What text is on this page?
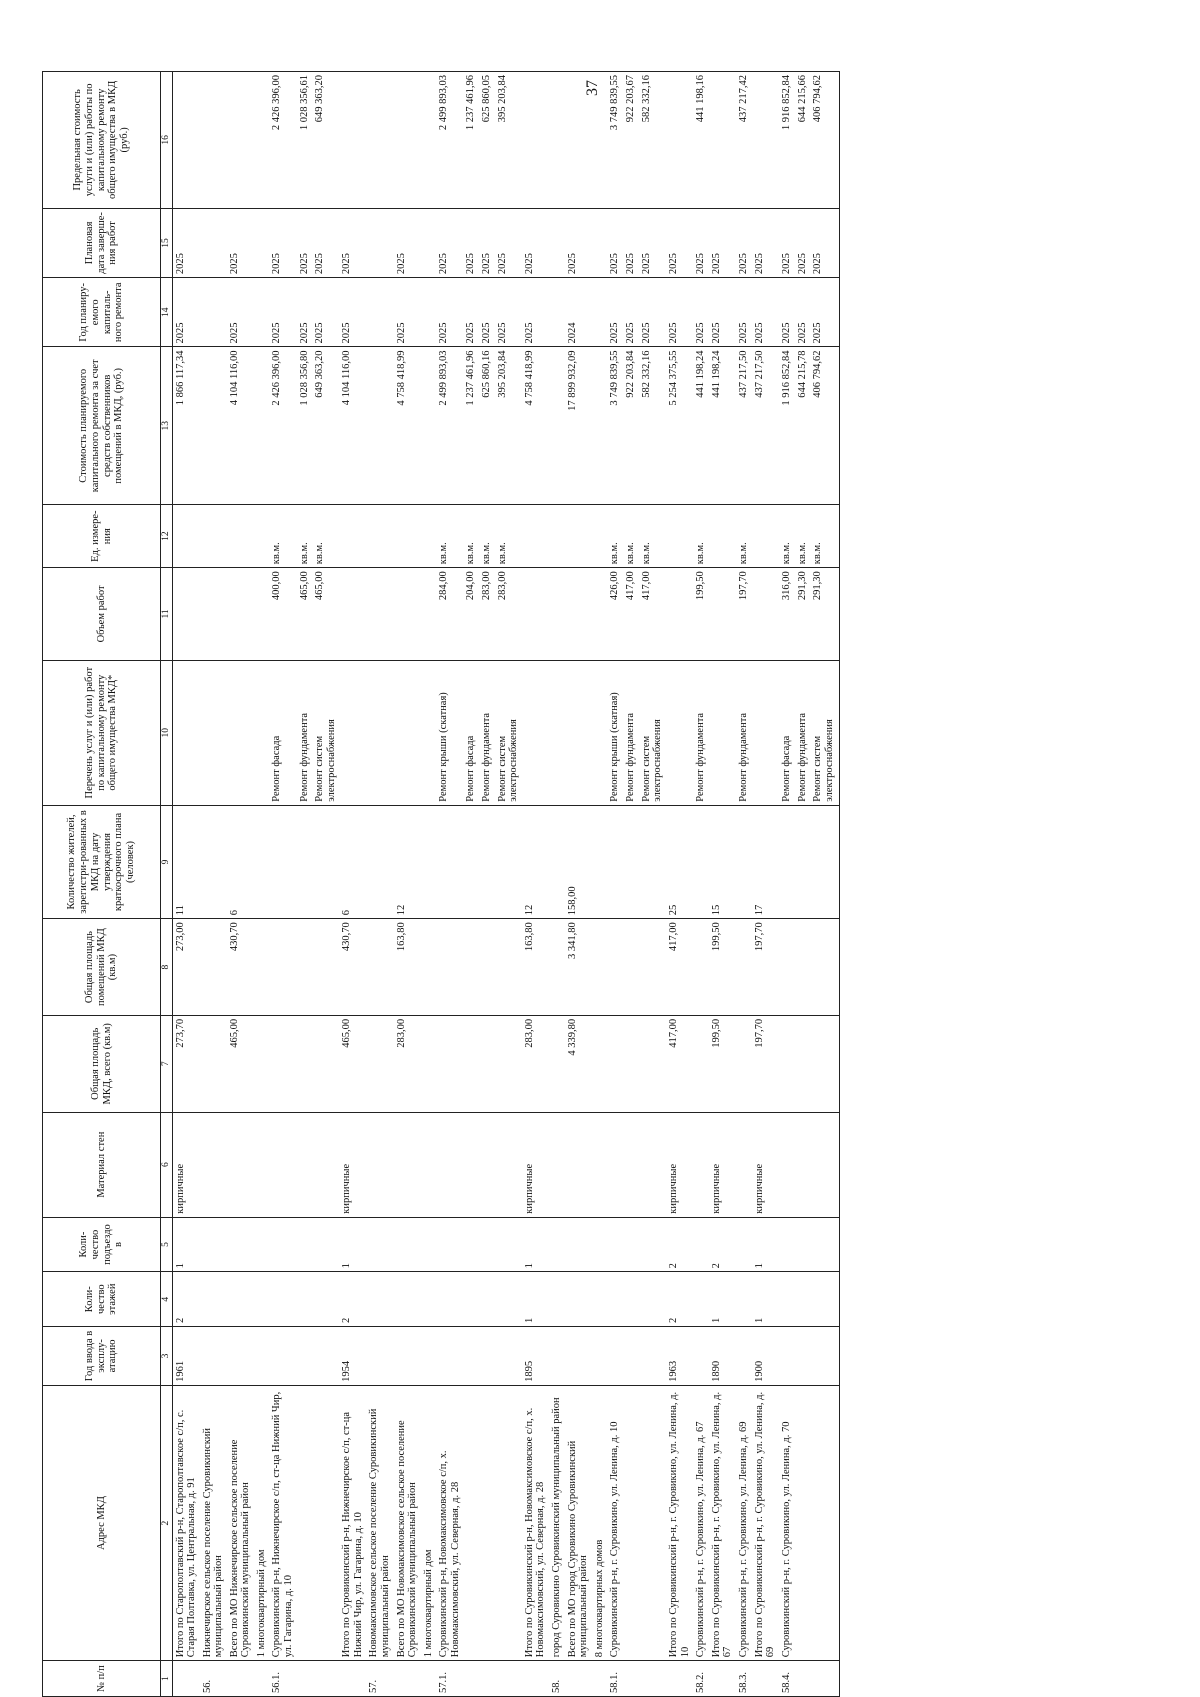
37
№ п/п	Адрес МКД	Год ввода в эксплу-атацию	Коли-чество этажей	Коли-чество подъездо в	Материал стен	Общая площадь МКД, всего (кв.м)	Общая площадь помещений МКД (кв.м)	Количество жителей, зарегистри-рованных в МКД на дату утверждения краткосрочного плана (человек)	Перечень услуг и (или) работ по капитальному ремонту общего имущества МКД*	Объем работ	Ед. измере-ния	Стоимость планируемого капитального ремонта за счет средств собственников помещений в МКД, (руб.)	Год планиру-емого капиталь-ного ремонта	Плановая дата заверше-ния работ	Предельная стоимость услуги и (или) работы по капитальному ремонту общего имущества в МКД (руб.)
1	2	3	4	5	6	7	8	9	10	11	12	13	14	15	16
	Итого по Старополтавский р-н, Старополтавское с/п, с. Старая Полтавка, ул. Центральная, д. 91	1961	2	1	кирпичные	273,70	273,00	11				1 866 117,34	2025	2025	
56.	Нижнечирское сельское поселение Суровикинский муниципальный район														
	Всего по МО Нижнечирское сельское поселение Суровикинский муниципальный район					465,00	430,70	6				4 104 116,00	2025	2025	
	1 многоквартирный дом														
56.1.	Суровикинский р-н, Нижнечирское с/п, ст-ца Нижний Чир, ул. Гагарина, д. 10								Ремонт фасада	400,00	кв.м.	2 426 396,00	2025	2025	2 426 396,00
									Ремонт фундамента	465,00	кв.м.	1 028 356,80	2025	2025	1 028 356,61
									Ремонт систем электроснабжения	465,00	кв.м.	649 363,20	2025	2025	649 363,20
	Итого по Суровикинский р-н, Нижнечирское с/п, ст-ца Нижний Чир, ул. Гагарина, д. 10	1954	2	1	кирпичные	465,00	430,70	6				4 104 116,00	2025	2025	
57.	Новомаксимовское сельское поселение Суровикинский муниципальный район														
	Всего по МО Новомаксимовское сельское поселение Суровикинский муниципальный район					283,00	163,80	12				4 758 418,99	2025	2025	
	1 многоквартирный дом														
57.1.	Суровикинский р-н, Новомаксимовское с/п, х. Новомаксимовский, ул. Северная, д. 28								Ремонт крыши (скатная)	284,00	кв.м.	2 499 893,03	2025	2025	2 499 893,03
									Ремонт фасада	204,00	кв.м.	1 237 461,96	2025	2025	1 237 461,96
									Ремонт фундамента	283,00	кв.м.	625 860,16	2025	2025	625 860,05
									Ремонт систем электроснабжения	283,00	кв.м.	395 203,84	2025	2025	395 203,84
	Итого по Суровикинский р-н, Новомаксимовское с/п, х. Новомаксимовский, ул. Северная, д. 28	1895	1	1	кирпичные	283,00	163,80	12				4 758 418,99	2025	2025	
58.	город Суровикино Суровикинский муниципальный район														
	Всего по МО город Суровикино Суровикинский муниципальный район					4 339,80	3 341,80	158,00				17 899 932,09	2024	2025	
	8 многоквартирных домов														
58.1.	Суровикинский р-н, г. Суровикино, ул. Ленина, д. 10								Ремонт крыши (скатная)	426,00	кв.м.	3 749 839,55	2025	2025	3 749 839,55
									Ремонт фундамента	417,00	кв.м.	922 203,84	2025	2025	922 203,67
									Ремонт систем электроснабжения	417,00	кв.м.	582 332,16	2025	2025	582 332,16
	Итого по Суровикинский р-н, г. Суровикино, ул. Ленина, д. 10	1963	2	2	кирпичные	417,00	417,00	25				5 254 375,55	2025	2025	
58.2.	Суровикинский р-н, г. Суровикино, ул. Ленина, д. 67								Ремонт фундамента	199,50	кв.м.	441 198,24	2025	2025	441 198,16
	Итого по Суровикинский р-н, г. Суровикино, ул. Ленина, д. 67	1890	1	2	кирпичные	199,50	199,50	15				441 198,24	2025	2025	
58.3.	Суровикинский р-н, г. Суровикино, ул. Ленина, д. 69								Ремонт фундамента	197,70	кв.м.	437 217,50	2025	2025	437 217,42
	Итого по Суровикинский р-н, г. Суровикино, ул. Ленина, д. 69	1900	1	1	кирпичные	197,70	197,70	17				437 217,50	2025	2025	
58.4.	Суровикинский р-н, г. Суровикино, ул. Ленина, д. 70								Ремонт фасада	316,00	кв.м.	1 916 852,84	2025	2025	1 916 852,84
									Ремонт фундамента	291,30	кв.м.	644 215,78	2025	2025	644 215,66
									Ремонт систем электроснабжения	291,30	кв.м.	406 794,62	2025	2025	406 794,62
